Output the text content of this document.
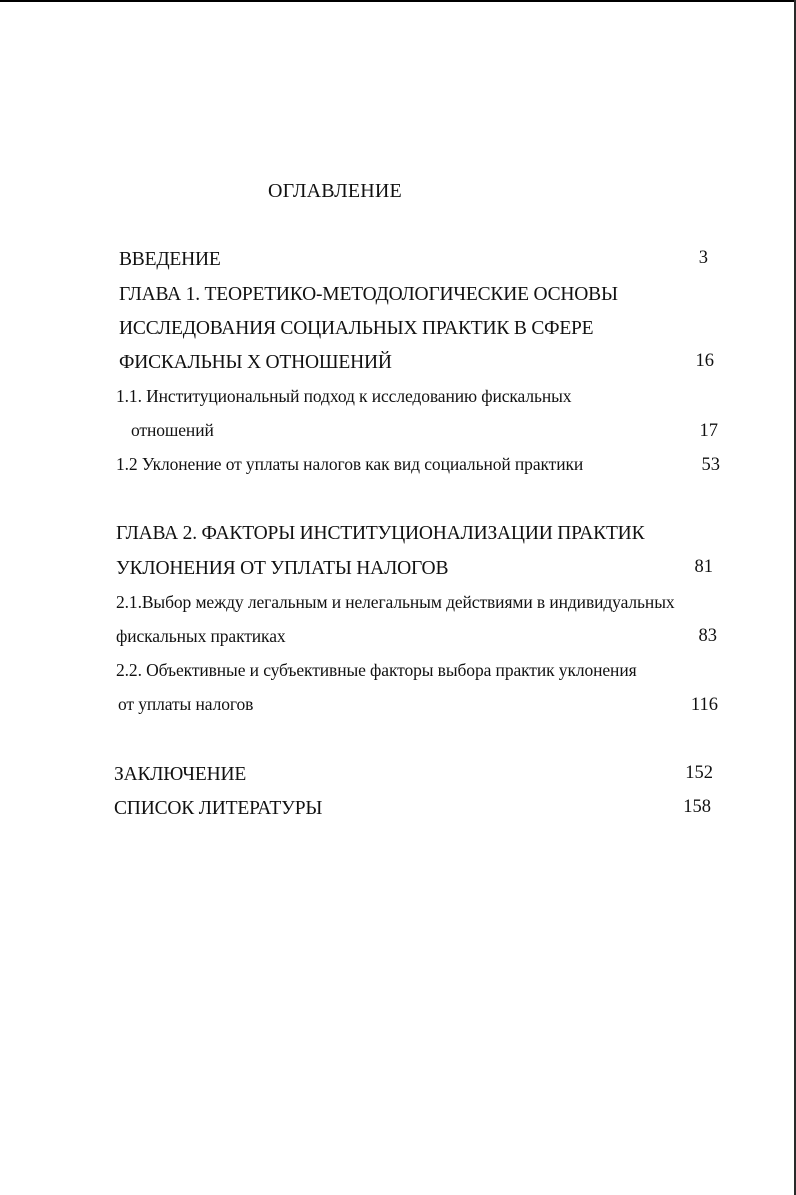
ОГЛАВЛЕНИЕ
ВВЕДЕНИЕ	3
ГЛАВА 1. ТЕОРЕТИКО-МЕТОДОЛОГИЧЕСКИЕ ОСНОВЫ
ИССЛЕДОВАНИЯ СОЦИАЛЬНЫХ ПРАКТИК В СФЕРЕ
ФИСКАЛЬНЫ Х ОТНОШЕНИЙ	16
1.1. Институциональный подход к исследованию фискальных
отношений	17
1.2 Уклонение от уплаты налогов как вид социальной практики	53
ГЛАВА 2. ФАКТОРЫ ИНСТИТУЦИОНАЛИЗАЦИИ ПРАКТИК
УКЛОНЕНИЯ ОТ УПЛАТЫ НАЛОГОВ	81
2.1.Выбор между легальным и нелегальным действиями в индивидуальных
фискальных практиках	83
2.2. Объективные и субъективные факторы выбора практик уклонения
от уплаты налогов	116
ЗАКЛЮЧЕНИЕ	152
СПИСОК ЛИТЕРАТУРЫ	158
